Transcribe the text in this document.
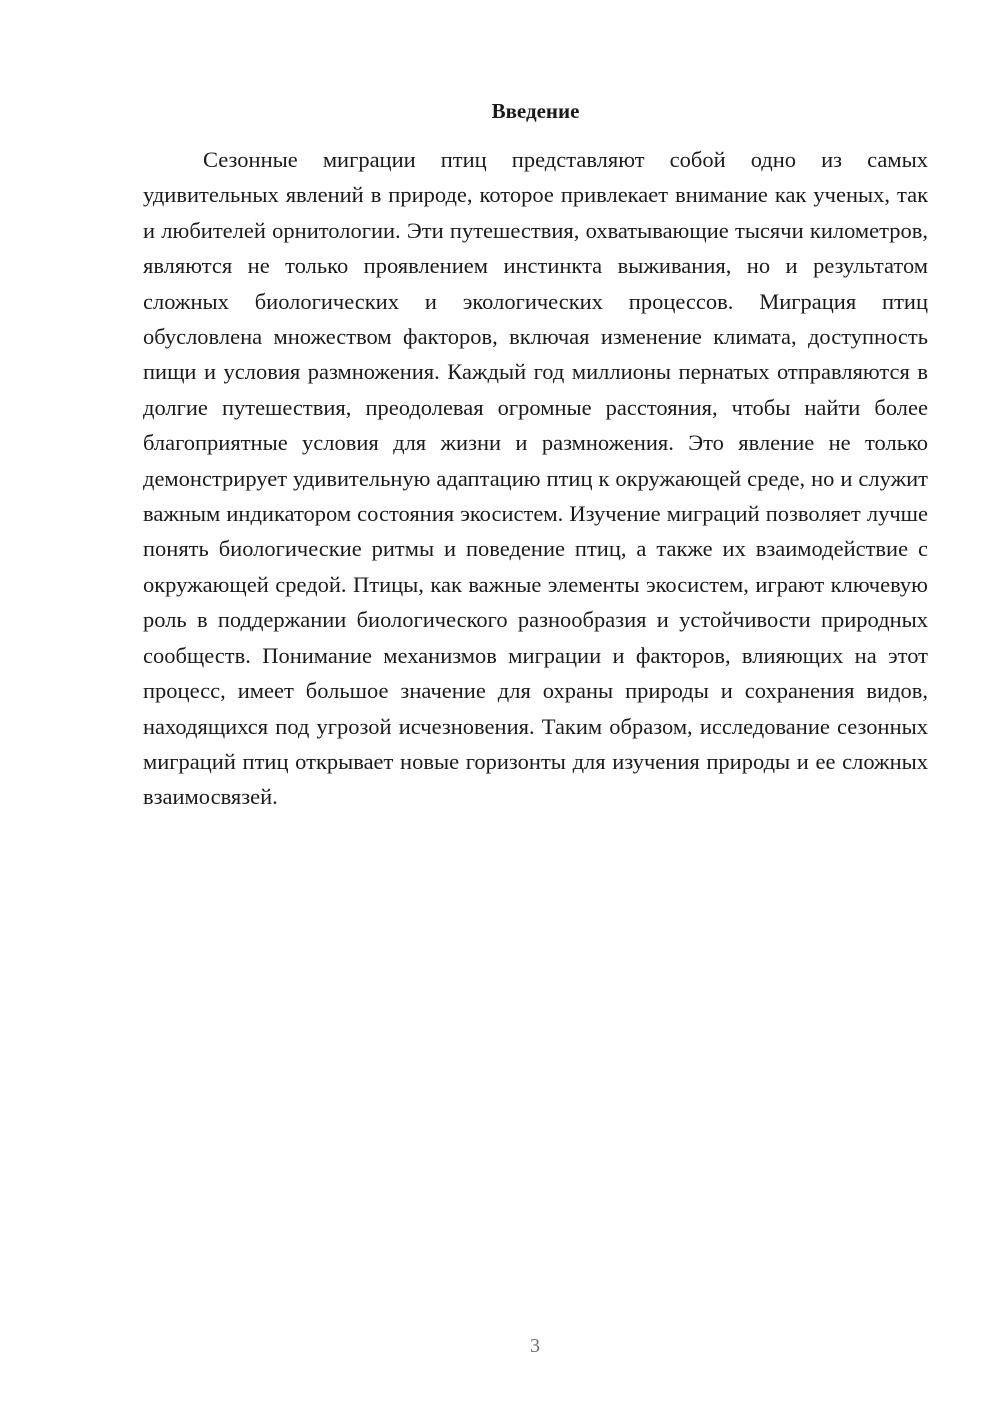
Введение

Сезонные миграции птиц представляют собой одно из самых удивительных явлений в природе, которое привлекает внимание как ученых, так и любителей орнитологии. Эти путешествия, охватывающие тысячи километров, являются не только проявлением инстинкта выживания, но и результатом сложных биологических и экологических процессов. Миграция птиц обусловлена множеством факторов, включая изменение климата, доступность пищи и условия размножения. Каждый год миллионы пернатых отправляются в долгие путешествия, преодолевая огромные расстояния, чтобы найти более благоприятные условия для жизни и размножения. Это явление не только демонстрирует удивительную адаптацию птиц к окружающей среде, но и служит важным индикатором состояния экосистем. Изучение миграций позволяет лучше понять биологические ритмы и поведение птиц, а также их взаимодействие с окружающей средой. Птицы, как важные элементы экосистем, играют ключевую роль в поддержании биологического разнообразия и устойчивости природных сообществ. Понимание механизмов миграции и факторов, влияющих на этот процесс, имеет большое значение для охраны природы и сохранения видов, находящихся под угрозой исчезновения. Таким образом, исследование сезонных миграций птиц открывает новые горизонты для изучения природы и ее сложных взаимосвязей.

3
